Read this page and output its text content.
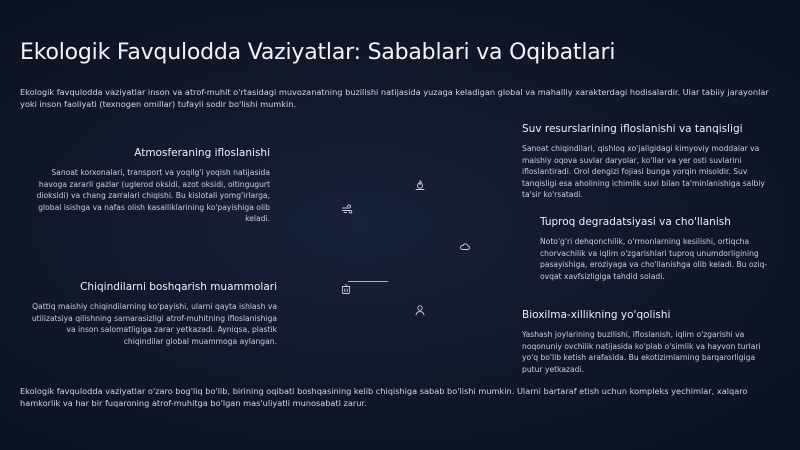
Ekologik Favqulodda Vaziyatlar: Sabablari va Oqibatlari

Ekologik favqulodda vaziyatlar inson va atrof-muhit o'rtasidagi muvozanatning buzilishi natijasida yuzaga keladigan global va mahalliy xarakterdagi hodisalardir. Ular tabiiy jarayonlar yoki inson faoliyati (texnogen omillar) tufayli sodir bo'lishi mumkin.

Atmosferaning ifloslanishi

Sanoat korxonalari, transport va yoqilg'i yoqish natijasida havoga zararli gazlar (uglerod oksidi, azot oksidi, oltingugurt dioksidi) va chang zarralari chiqishi. Bu kislotali yomg'irlarga, global isishga va nafas olish kasalliklarining ko'payishiga olib keladi.

Chiqindilarni boshqarish muammolari

Qattiq maishiy chiqindilarning ko'payishi, ularni qayta ishlash va utilizatsiya qilishning samarasizligi atrof-muhitning ifloslanishiga va inson salomatligiga zarar yetkazadi. Ayniqsa, plastik chiqindilar global muammoga aylangan.

Suv resurslarining ifloslanishi va tanqisligi

Sanoat chiqindilari, qishloq xo'jaligidagi kimyoviy moddalar va maishiy oqova suvlar daryolar, ko'llar va yer osti suvlarini ifloslantiradi. Orol dengizi fojiasi bunga yorqin misoldir. Suv tanqisligi esa aholining ichimlik suvi bilan ta'minlanishiga salbiy ta'sir ko'rsatadi.

Tuproq degradatsiyasi va cho'llanish

Noto'g'ri dehqonchilik, o'rmonlarning kesilishi, ortiqcha chorvachilik va iqlim o'zgarishlari tuproq unumdorligining pasayishiga, eroziyaga va cho'llanishga olib keladi. Bu oziq-ovqat xavfsizligiga tahdid soladi.

Bioxilma-xillikning yo'qolishi

Yashash joylarining buzilishi, ifloslanish, iqlim o'zgarishi va noqonuniy ovchilik natijasida ko'plab o'simlik va hayvon turlari yo'q bo'lib ketish arafasida. Bu ekotizimlarning barqarorligiga putur yetkazadi.

Ekologik favqulodda vaziyatlar o'zaro bog'liq bo'lib, birining oqibati boshqasining kelib chiqishiga sabab bo'lishi mumkin. Ularni bartaraf etish uchun kompleks yechimlar, xalqaro hamkorlik va har bir fuqaroning atrof-muhitga bo'lgan mas'uliyatli munosabati zarur.
